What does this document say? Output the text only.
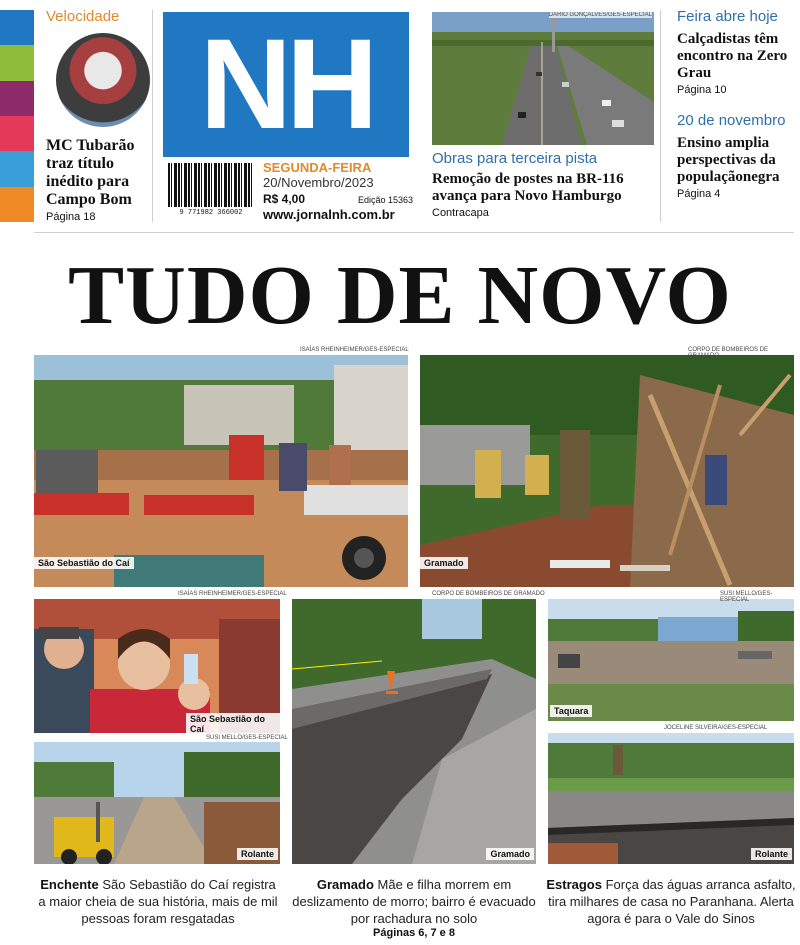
Velocidade
MC Tubarão traz título inédito para Campo Bom
Página 18
NH
9 771982 366002
SEGUNDA-FEIRA
20/Novembro/2023
R$ 4,00	Edição 15363
www.jornalnh.com.br
DÁRIO GONÇALVES/GES-ESPECIAL
Obras para terceira pista
Remoção de postes na BR-116 avança para Novo Hamburgo
Contracapa
Feira abre hoje
Calçadistas têm encontro na Zero Grau
Página 10
20 de novembro
Ensino amplia perspectivas da populaçãonegra
Página 4
TUDO DE NOVO
São Sebastião do Caí
ISAÍAS RHEINHEIMER/GES-ESPECIAL
Gramado
CORPO DE BOMBEIROS DE GRAMADO
São Sebastião do Caí
ISAÍAS RHEINHEIMER/GES-ESPECIAL
Rolante
SUSI MELLO/GES-ESPECIAL
Gramado
CORPO DE BOMBEIROS DE GRAMADO
Taquara
SUSI MELLO/GES-ESPECIAL
Rolante
JOCELINE SILVEIRA/GES-ESPECIAL
Enchente São Sebastião do Caí registra a maior cheia de sua história, mais de mil pessoas foram resgatadas
Gramado Mãe e filha morrem em deslizamento de morro; bairro é evacuado por rachadura no solo
Estragos Força das águas arranca asfalto, tira milhares de casa no Paranhana. Alerta agora é para o Vale do Sinos
Páginas 6, 7 e 8
